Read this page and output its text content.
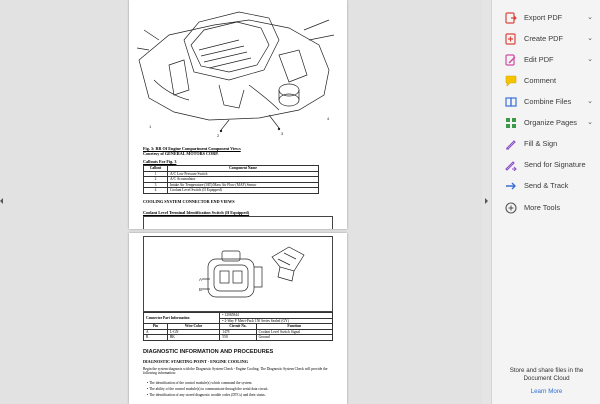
1
2	3
4
Fig. 3: RR Of Engine Compartment Component Views
Courtesy of GENERAL MOTORS CORP.
Callouts For Fig. 3
Callout	Component Name
1	A/C Low Pressure Switch
2	A/C Accumulator
3	Intake Air Temperature (IAT)/Mass Air Flow (MAF) Sensor
4	Coolant Level Switch (If Equipped)
COOLING SYSTEM CONNECTOR END VIEWS
Coolant Level Terminal Identification Switch (If Equipped)
A
B
Connector Part Information		• 12065844	
		• 2-Way F Metri-Pack 150 Series Sealed (GY)	
Pin	Wire Color	Circuit No.	Function
A	L-GN	1478	Coolant Level Switch Signal
B	BK	550	Ground
DIAGNOSTIC INFORMATION AND PROCEDURES
DIAGNOSTIC STARTING POINT - ENGINE COOLING
Begin the system diagnosis with the Diagnostic System Check - Engine Cooling. The Diagnostic System Check will provide the following information:
• The identification of the control module(s) which command the system.
• The ability of the control module(s) to communicate through the serial data circuit.
• The identification of any stored diagnostic trouble codes (DTCs) and their status.
Export PDF	⌄
Create PDF	⌄
Edit PDF	⌄
Comment
Combine Files ⌄
Organize Pages ⌄
Fill & Sign
Send for Signature
Send & Track
More Tools
Store and share files in the
Document Cloud
Learn More
